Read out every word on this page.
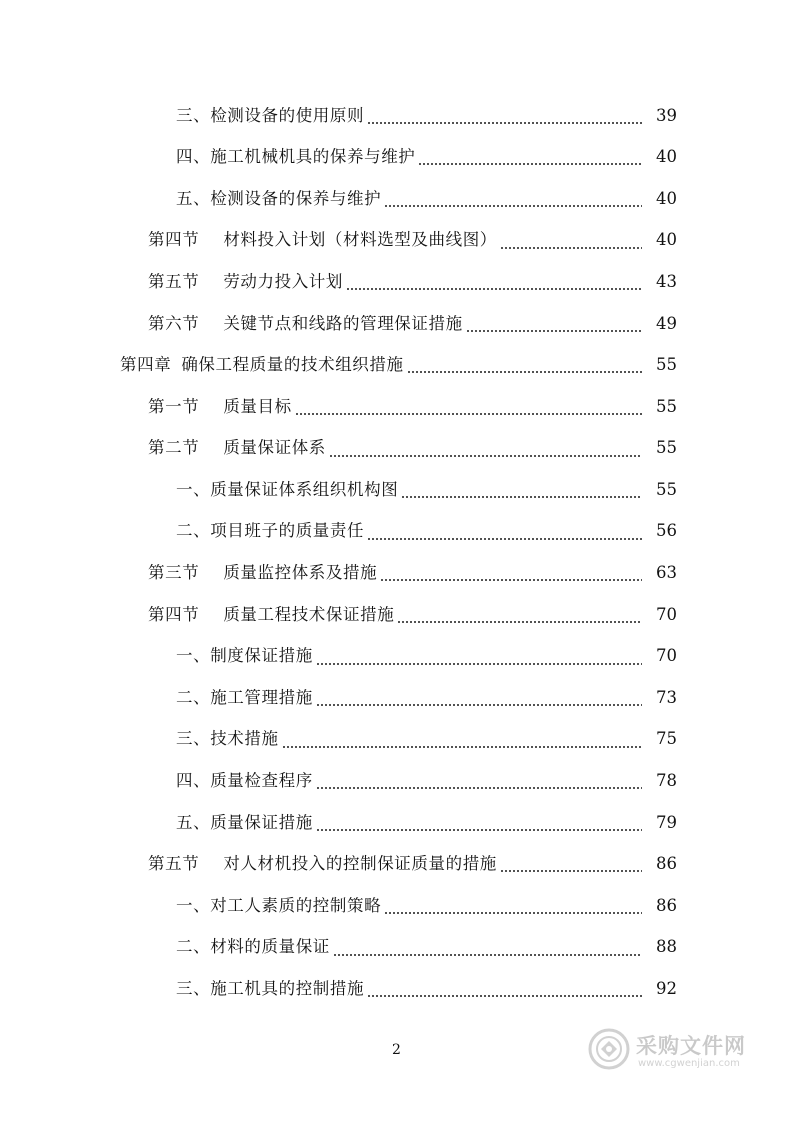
三、检测设备的使用原则	39
四、施工机械机具的保养与维护	40
五、检测设备的保养与维护	40
第四节 材料投入计划（材料选型及曲线图）	40
第五节 劳动力投入计划	43
第六节 关键节点和线路的管理保证措施	49
第四章 确保工程质量的技术组织措施	55
第一节 质量目标	55
第二节 质量保证体系	55
一、质量保证体系组织机构图	55
二、项目班子的质量责任	56
第三节 质量监控体系及措施	63
第四节 质量工程技术保证措施	70
一、制度保证措施	70
二、施工管理措施	73
三、技术措施	75
四、质量检查程序	78
五、质量保证措施	79
第五节 对人材机投入的控制保证质量的措施	86
一、对工人素质的控制策略	86
二、材料的质量保证	88
三、施工机具的控制措施	92
2	采购文件网
www.cgwenjian.com
